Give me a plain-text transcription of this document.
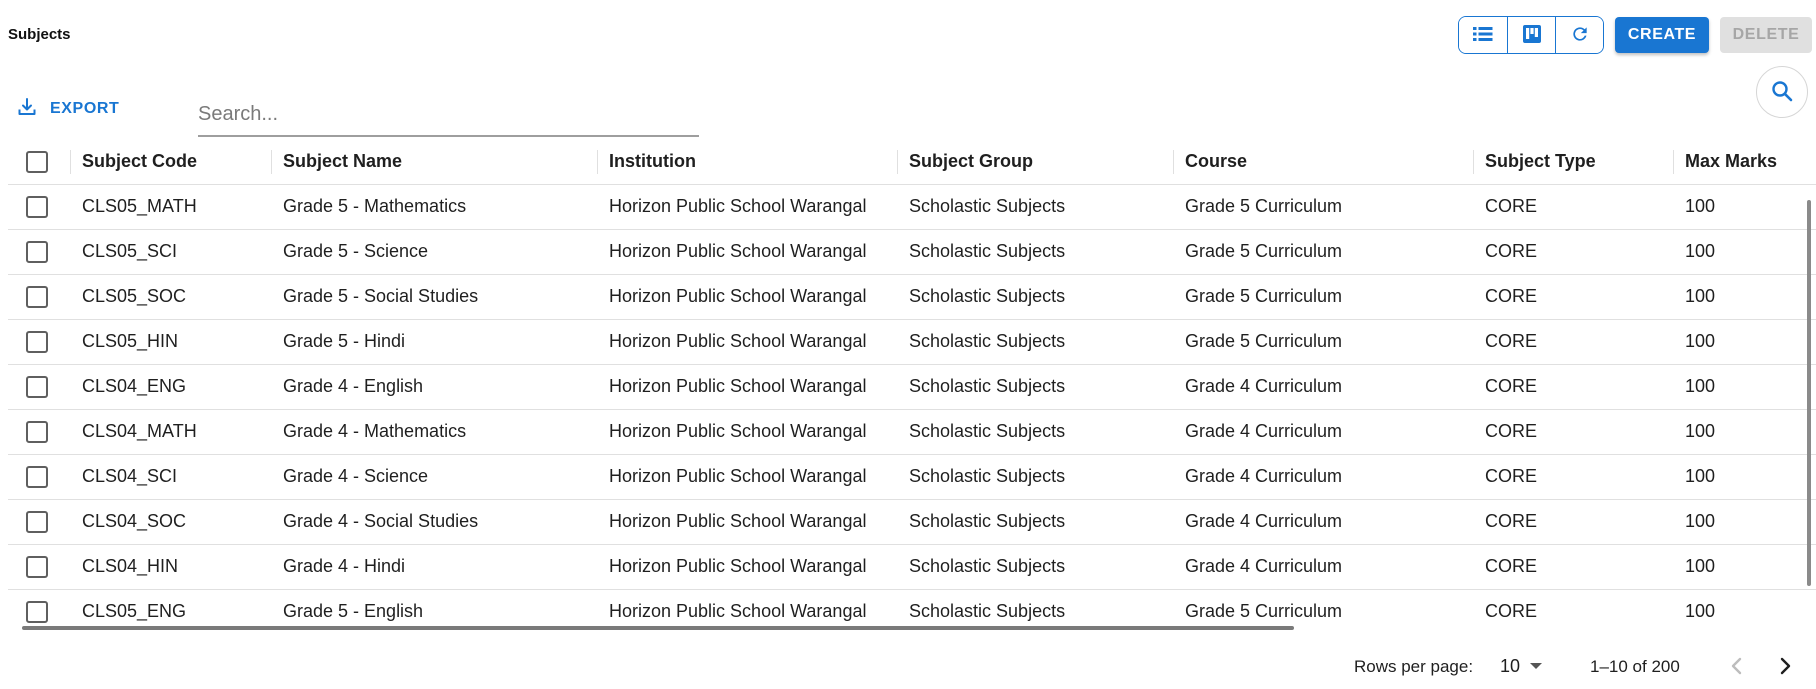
Subjects	CREATE	DELETE
EXPORT
Search...
	Subject Code	Subject Name	Institution	Subject Group	Course	Subject Type	Max Marks
	CLS05_MATH	Grade 5 - Mathematics	Horizon Public School Warangal	Scholastic Subjects	Grade 5 Curriculum	CORE	100
	CLS05_SCI	Grade 5 - Science	Horizon Public School Warangal	Scholastic Subjects	Grade 5 Curriculum	CORE	100
	CLS05_SOC	Grade 5 - Social Studies	Horizon Public School Warangal	Scholastic Subjects	Grade 5 Curriculum	CORE	100
	CLS05_HIN	Grade 5 - Hindi	Horizon Public School Warangal	Scholastic Subjects	Grade 5 Curriculum	CORE	100
	CLS04_ENG	Grade 4 - English	Horizon Public School Warangal	Scholastic Subjects	Grade 4 Curriculum	CORE	100
	CLS04_MATH	Grade 4 - Mathematics	Horizon Public School Warangal	Scholastic Subjects	Grade 4 Curriculum	CORE	100
	CLS04_SCI	Grade 4 - Science	Horizon Public School Warangal	Scholastic Subjects	Grade 4 Curriculum	CORE	100
	CLS04_SOC	Grade 4 - Social Studies	Horizon Public School Warangal	Scholastic Subjects	Grade 4 Curriculum	CORE	100
	CLS04_HIN	Grade 4 - Hindi	Horizon Public School Warangal	Scholastic Subjects	Grade 4 Curriculum	CORE	100
	CLS05_ENG	Grade 5 - English	Horizon Public School Warangal	Scholastic Subjects	Grade 5 Curriculum	CORE	100
Rows per page: 10	1–10 of 200
